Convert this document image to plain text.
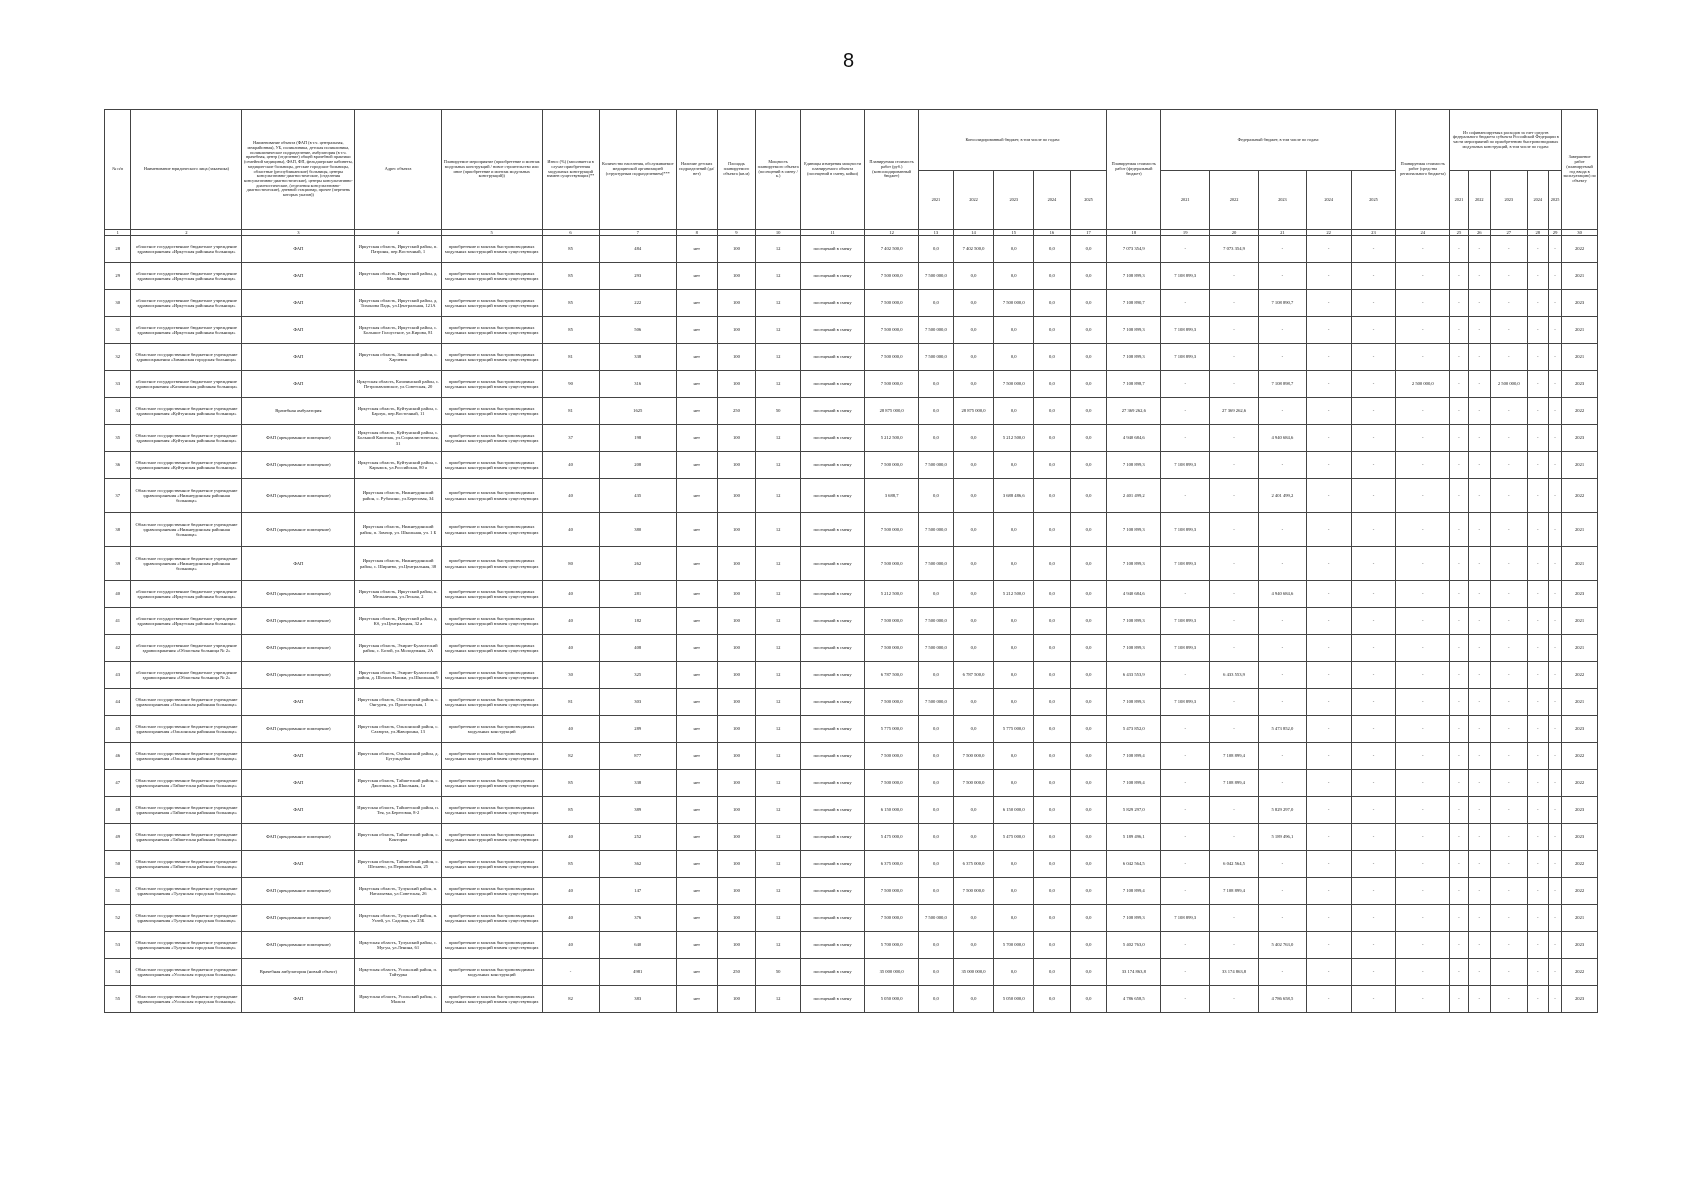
8
№ п/п	Наименование юридического лица (заказчика)	Наименование объекта (ФАП (в т.ч. центральная, межрайонная), УБ, поликлиника, детская поликлиника, поликлиническое подразделение, амбулатория (в т.ч. врачебная, центр (отделение) общей врачебной практики (семейной медицины), ФАП, ФП, фельдшерские кабинеты, медицин-ские больницы, детские городские больницы, областные (республиканские) больницы, центры консультативно-диагностические, (отделения консультативно-диагностические), центры консультативно-диагностические, (отделения консультативно-диагностические), дневной стационар, прочее (перечень которых указан))	Адрес объекта	Планируемое мероприятие (приобретение и монтаж модульных конструкций / новое строительство или иное (приобретение и монтаж модульных конструкций))	Износ (%) (заполняется в случае приобретения модульных конструкций взамен существующих)**	Количество населения, обслуживаемое медицинской организацией (структурным подразделением)***	Наличие детских подразделений (да/нет)	Площадь планируемого объекта (кв.м)	Мощность планируемого объекта (посещений в смену / к.)	Единицы измерения мощности планируемого объекта (посещений в смену, койки)	Планируемая стоимость работ (руб.) (консолидированный бюджет)	Консолидированный бюджет, в том числе по годам:					Планируемая стоимость работ (федеральный бюджет)	Федеральный бюджет, в том числе по годам:					Планируемая стоимость работ (средства регионального бюджета)	Из софинансируемых расходов за счет средств федерального бюджета субъекта Российской Федерации в части мероприятий по приобретению быстровозводимых модульных конструкций, в том числе по годам:					Завершение работ (планируемый год ввода в эксплуатацию) по объекту
												2021	2022	2023	2024	2025		2021	2022	2023	2024	2025		2021	2022	2023	2024	2025	
1	2	3	4	5	6	7	8	9	10	11	12	13	14	15	16	17	18	19	20	21	22	23	24	25	26	27	28	29	30
28	областное государственное бюджетное учреждение здравоохранения «Иркутская районная больница»	ФАП	Иркутская область, Иркутский район, п. Патроны, пер.Восточный, 1	приобретение и монтаж быстровозводимых модульных конструкций взамен существующих	85	484	нет	100	12	посещений в смену	7 402 500,0	0,0	7 402 500,0	0,0	0,0	0,0	7 073 354,9	-	7 073 354,9	-	-	-	-	-	-	-	-	-	2022
29	областное государственное бюджетное учреждение здравоохранения «Иркутская районная больница»	ФАП	Иркутская область, Иркутский район, д. Малиновка	приобретение и монтаж быстровозводимых модульных конструкций взамен существующих	85	293	нет	100	12	посещений в смену	7 500 000,0	7 500 000,0	0,0	0,0	0,0	0,0	7 108 899,3	7 108 899,3	-	-	-	-	-	-	-	-	-	-	2021
30	областное государственное бюджетное учреждение здравоохранения «Иркутская районная больница»	ФАП	Иркутская область, Иркутский район, д. Тихонова Падь, ул.Центральная, 121А	приобретение и монтаж быстровозводимых модульных конструкций взамен существующих	85	222	нет	100	12	посещений в смену	7 500 000,0	0,0	0,0	7 500 000,0	0,0	0,0	7 108 890,7	-	-	7 108 890,7	-	-	-	-	-	-	-	-	2023
31	областное государственное бюджетное учреждение здравоохранения «Иркутская районная больница»	ФАП	Иркутская область, Иркутский район, с. Большое Голоустное, ул.Кирова, 81	приобретение и монтаж быстровозводимых модульных конструкций взамен существующих	85	506	нет	100	12	посещений в смену	7 500 000,0	7 500 000,0	0,0	0,0	0,0	0,0	7 108 899,3	7 108 899,3	-	-	-	-	-	-	-	-	-	-	2021
32	Областное государственное бюджетное учреждение здравоохранения «Зиминская городская больница»	ФАП	Иркутская область, Зиминский район, с. Харчевск	приобретение и монтаж быстровозводимых модульных конструкций взамен существующих	81	338	нет	100	12	посещений в смену	7 500 000,0	7 500 000,0	0,0	0,0	0,0	0,0	7 108 899,3	7 108 899,3	-	-	-	-	-	-	-	-	-	-	2021
33	областное государственное бюджетное учреждение здравоохранения «Казачинская районная больница»	ФАП	Иркутская область, Казачинский район, с. Петропавловское, ул.Советская, 20	приобретение и монтаж быстровозводимых модульных конструкций взамен существующих	90	316	нет	100	12	посещений в смену	7 500 000,0	0,0	0,0	7 500 000,0	0,0	0,0	7 108 898,7	-	-	7 108 898,7	-	-	2 500 000,0	-	-	2 500 000,0	-	-	2023
34	Областное государственное бюджетное учреждение здравоохранения «Куйтунская районная больница»	Врачебная амбулатория	Иркутская область, Куйтунский район, с. Барлук, пер.Восточный, 11	приобретение и монтаж быстровозводимых модульных конструкций взамен существующих	81	1625	нет	250	50	посещений в смену	28 875 000,0	0,0	28 875 000,0	0,0	0,0	0,0	27 369 262,6	-	27 369 262,6	-	-	-	-	-	-	-	-	-	2022
35	Областное государственное бюджетное учреждение здравоохранения «Куйтунская районная больница»	ФАП (арендованное помещение)	Иркутская область, Куйтунский район, с. Большой Кашелак, ул.Социалистическая, 31	приобретение и монтаж быстровозводимых модульных конструкций взамен существующих	37	198	нет	100	12	посещений в смену	5 212 500,0	0,0	0,0	5 212 500,0	0,0	0,0	4 940 684,6	-	-	4 940 684,6	-	-	-	-	-	-	-	-	2023
36	Областное государственное бюджетное учреждение здравоохранения «Куйтунская районная больница»	ФАП (арендованное помещение)	Иркутская область, Куйтунский район, с. Карымск, ул.Российская, 80 а	приобретение и монтаж быстровозводимых модульных конструкций взамен существующих	40	208	нет	100	12	посещений в смену	7 500 000,0	7 500 000,0	0,0	0,0	0,0	0,0	7 108 899,3	7 108 899,3	-	-	-	-	-	-	-	-	-	-	2021
37	Областное государственное бюджетное учреждение здравоохранения «Нижнеудинская районная больница»	ФАП (арендованное помещение)	Иркутская область, Нижнеудинский район, с. Рубахино, ул.Береговая, 34	приобретение и монтаж быстровозводимых модульных конструкций взамен существующих	40	435	нет	100	12	посещений в смену	3 688,7	0,0	0,0	3 688 486,6	0,0	0,0	2 401 499,2	-	-	2 401 499,2	-	-	-	-	-	-	-	-	2022
38	Областное государственное бюджетное учреждение здравоохранения «Нижнеудинская районная больница»	ФАП (арендованное помещение)	Иркутская область, Нижнеудинский район, п. Замзор, ул. Школьная, уч. 1 Б	приобретение и монтаж быстровозводимых модульных конструкций взамен существующих	40	380	нет	100	12	посещений в смену	7 500 000,0	7 500 000,0	0,0	0,0	0,0	0,0	7 108 899,3	7 108 899,3	-	-	-	-	-	-	-	-	-	-	2021
39	Областное государственное бюджетное учреждение здравоохранения «Нижнеудинская районная больница»	ФАП	Иркутская область, Нижнеудинский район, с. Ширяево, ул.Центральная, 38	приобретение и монтаж быстровозводимых модульных конструкций взамен существующих	80	262	нет	100	12	посещений в смену	7 500 000,0	7 500 000,0	0,0	0,0	0,0	0,0	7 108 899,3	7 108 899,3	-	-	-	-	-	-	-	-	-	-	2021
40	областное государственное бюджетное учреждение здравоохранения «Иркутская районная больница»	ФАП (арендованное помещение)	Иркутская область, Иркутский район, п. Мельничная, ул.Лесная, 2	приобретение и монтаж быстровозводимых модульных конструкций взамен существующих	40	281	нет	100	12	посещений в смену	5 212 500,0	0,0	0,0	5 212 500,0	0,0	0,0	4 940 684,6	-	-	4 940 684,6	-	-	-	-	-	-	-	-	2023
41	областное государственное бюджетное учреждение здравоохранения «Иркутская районная больница»	ФАП (арендованное помещение)	Иркутская область, Иркутский район, д. Кб, ул.Центральная, 32 а	приобретение и монтаж быстровозводимых модульных конструкций взамен существующих	40	182	нет	100	12	посещений в смену	7 500 000,0	7 500 000,0	0,0	0,0	0,0	0,0	7 108 899,3	7 108 899,3	-	-	-	-	-	-	-	-	-	-	2021
42	областное государственное бюджетное учреждение здравоохранения «Областная больница № 2»	ФАП (арендованное помещение)	Иркутская область, Эхирит-Булагатский район, с. Бозой, ул.Молодежная, 2А	приобретение и монтаж быстровозводимых модульных конструкций взамен существующих	40	408	нет	100	12	посещений в смену	7 500 000,0	7 500 000,0	0,0	0,0	0,0	0,0	7 108 899,3	7 108 899,3	-	-	-	-	-	-	-	-	-	-	2021
43	областное государственное бюджетное учреждение здравоохранения «Областная больница № 2»	ФАП (арендованное помещение)	Иркутская область, Эхирит-Булагатский район, д. Шохоль Нашки, ул.Школьная, 9	приобретение и монтаж быстровозводимых модульных конструкций взамен существующих	30	325	нет	100	12	посещений в смену	6 787 500,0	0,0	6 787 500,0	0,0	0,0	0,0	6 433 553,9	-	6 433 553,9	-	-	-	-	-	-	-	-	-	2022
44	Областное государственное бюджетное учреждение здравоохранения «Ольхонская районная больница»	ФАП	Иркутская область, Ольхонский район, с. Онгурен, ул. Пролетарская, 1	приобретение и монтаж быстровозводимых модульных конструкций взамен существующих	81	303	нет	100	12	посещений в смену	7 500 000,0	7 500 000,0	0,0	0,0	0,0	0,0	7 108 899,3	7 108 899,3	-	-	-	-	-	-	-	-	-	-	2021
45	Областное государственное бюджетное учреждение здравоохранения «Ольхонская районная больница»	ФАП (арендованное помещение)	Иркутская область, Ольхонский район, с. Сахюрта, ул.Жаворонка, 13	приобретение и монтаж быстровозводимых модульных конструкций	40	289	нет	100	12	посещений в смену	5 775 000,0	0,0	0,0	5 775 000,0	0,0	0,0	5 473 852,0	-	-	5 473 852,0	-	-	-	-	-	-	-	-	2023
46	Областное государственное бюджетное учреждение здравоохранения «Ольхонская районная больница»	ФАП	Иркутская область, Ольхонский район, д. Бугульдейка	приобретение и монтаж быстровозводимых модульных конструкций взамен существующих	82	877	нет	100	12	посещений в смену	7 500 000,0	0,0	7 500 000,0	0,0	0,0	0,0	7 108 899,4	-	7 108 899,4	-	-	-	-	-	-	-	-	-	2022
47	Областное государственное бюджетное учреждение здравоохранения «Тайшетская районная больница»	ФАП	Иркутская область, Тайшетский район, с. Джогинка, ул.Школьная, 1а	приобретение и монтаж быстровозводимых модульных конструкций взамен существующих	85	338	нет	100	12	посещений в смену	7 500 000,0	0,0	7 500 000,0	0,0	0,0	0,0	7 108 899,4	-	7 108 899,4	-	-	-	-	-	-	-	-	-	2022
48	Областное государственное бюджетное учреждение здравоохранения «Тайшетская районная больница»	ФАП	Иркутская область, Тайшетский район, п. Тея, ул.Береговая, 8-2	приобретение и монтаж быстровозводимых модульных конструкций взамен существующих	85	389	нет	100	12	посещений в смену	6 150 000,0	0,0	0,0	6 150 000,0	0,0	0,0	5 829 297,0	-	-	5 829 297,0	-	-	-	-	-	-	-	-	2023
49	Областное государственное бюджетное учреждение здравоохранения «Тайшетская районная больница»	ФАП (арендованное помещение)	Иркутская область, Тайшетский район, с. Конторка	приобретение и монтаж быстровозводимых модульных конструкций взамен существующих	40	252	нет	100	12	посещений в смену	5 475 000,0	0,0	0,0	5 475 000,0	0,0	0,0	5 189 496,1	-	-	5 189 496,1	-	-	-	-	-	-	-	-	2023
50	Областное государственное бюджетное учреждение здравоохранения «Тайшетская районная больница»	ФАП	Иркутская область, Тайшетский район, с. Шелаево, ул.Первомайская, 25	приобретение и монтаж быстровозводимых модульных конструкций взамен существующих	85	362	нет	100	12	посещений в смену	6 375 000,0	0,0	6 375 000,0	0,0	0,0	0,0	6 042 564,5	-	6 042 564,5	-	-	-	-	-	-	-	-	-	2022
51	Областное государственное бюджетное учреждение здравоохранения «Тулунская городская больница»	ФАП (арендованное помещение)	Иркутская область, Тулунский район, п. Натальевка, ул.Советская, 26	приобретение и монтаж быстровозводимых модульных конструкций взамен существующих	40	147	нет	100	12	посещений в смену	7 500 000,0	0,0	7 500 000,0	0,0	0,0	0,0	7 108 899,4	-	7 108 899,4	-	-	-	-	-	-	-	-	-	2022
52	Областное государственное бюджетное учреждение здравоохранения «Тулунская городская больница»	ФАП (арендованное помещение)	Иркутская область, Тулунский район, п. Углей, ул. Садовая, уч. 25Б	приобретение и монтаж быстровозводимых модульных конструкций взамен существующих	40	376	нет	100	12	посещений в смену	7 500 000,0	7 500 000,0	0,0	0,0	0,0	0,0	7 108 899,3	7 108 899,3	-	-	-	-	-	-	-	-	-	-	2021
53	Областное государственное бюджетное учреждение здравоохранения «Тулунская городская больница»	ФАП (арендованное помещение)	Иркутская область, Тулунский район, с. Мугун, ул.Ленина, 61	приобретение и монтаж быстровозводимых модульных конструкций взамен существующих	40	640	нет	100	12	посещений в смену	5 700 000,0	0,0	0,0	5 700 000,0	0,0	0,0	5 402 763,0	-	-	5 402 763,0	-	-	-	-	-	-	-	-	2023
54	Областное государственное бюджетное учреждение здравоохранения «Усольская городская больница»	Врачебная амбулатория (новый объект)	Иркутская область, Усольский район, п. Тайтурка	приобретение и монтаж быстровозводимых модульных конструкций	-	4981	нет	250	50	посещений в смену	35 000 000,0	0,0	35 000 000,0	0,0	0,0	0,0	33 174 863,8	-	33 174 863,8	-	-	-	-	-	-	-	-	-	2022
55	Областное государственное бюджетное учреждение здравоохранения «Усольская городская больница»	ФАП	Иркутская область, Усольский район, с. Мальта	приобретение и монтаж быстровозводимых модульных конструкций взамен существующих	82	383	нет	100	12	посещений в смену	5 050 000,0	0,0	0,0	5 050 000,0	0,0	0,0	4 786 658,5	-	-	4 786 658,5	-	-	-	-	-	-	-	-	2023
